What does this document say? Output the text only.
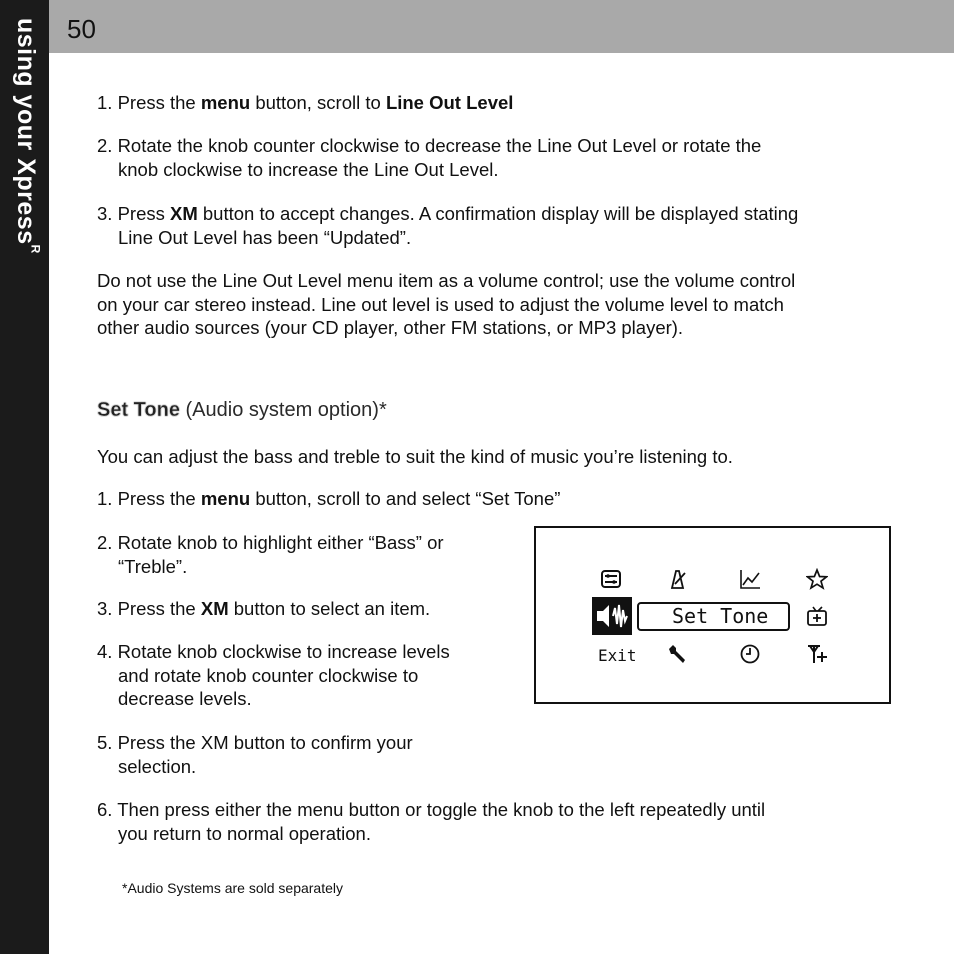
using your Xpress$^R$
50
1. Press the menu button, scroll to Line Out Level
2. Rotate the knob counter clockwise to decrease the Line Out Level or rotate the
knob clockwise to increase the Line Out Level.
3. Press XM button to accept changes. A confirmation display will be displayed stating
Line Out Level has been “Updated”.
Do not use the Line Out Level menu item as a volume control; use the volume control
on your car stereo instead. Line out level is used to adjust the volume level to match
other audio sources (your CD player, other FM stations, or MP3 player).
Set Tone (Audio system option)*
You can adjust the bass and treble to suit the kind of music you’re listening to.
1. Press the menu button, scroll to and select “Set Tone”
2. Rotate knob to highlight either “Bass” or
“Treble”.
3. Press the XM button to select an item.
4. Rotate knob clockwise to increase levels
and rotate knob counter clockwise to
decrease levels.
5. Press the XM button to confirm your
selection.
6. Then press either the menu button or toggle the knob to the left repeatedly until
you return to normal operation.
*Audio Systems are sold separately
Set Tone
Exit
